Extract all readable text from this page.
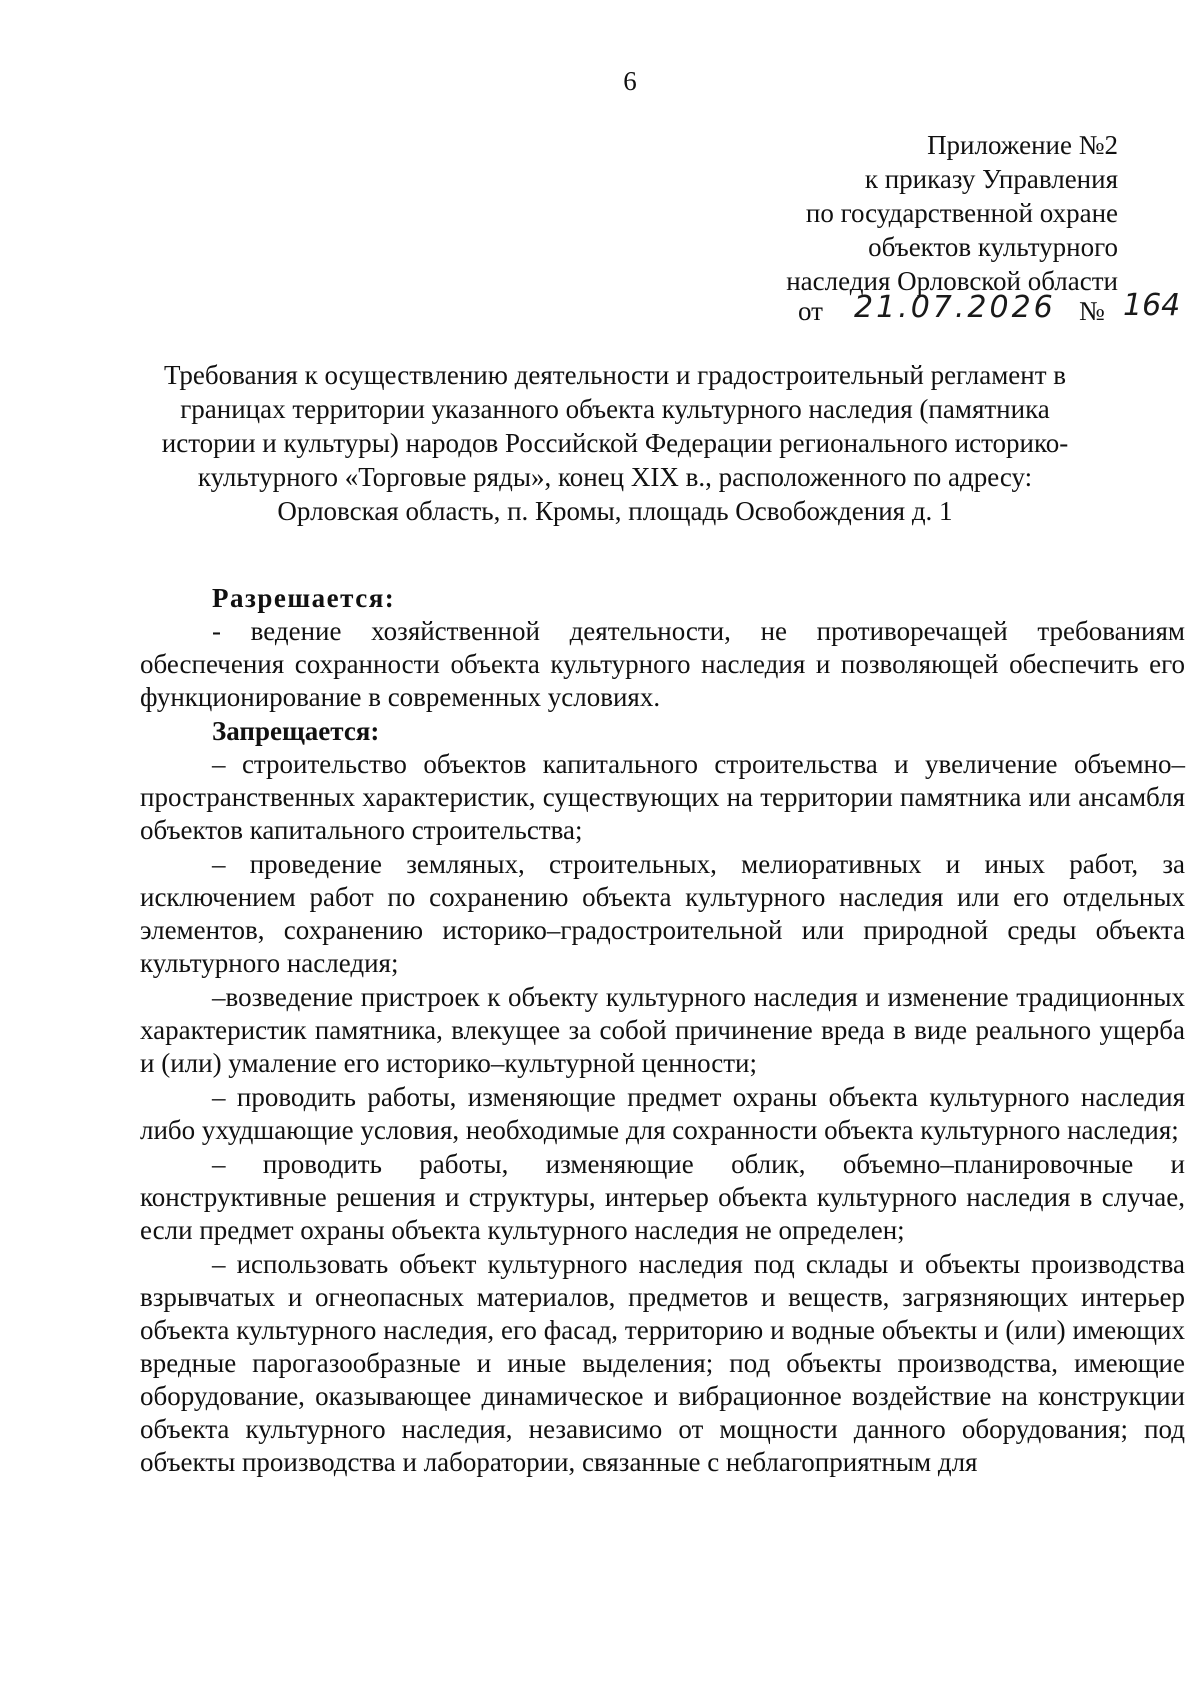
6
Приложение №2
к приказу Управления
по государственной охране
объектов культурного
наследия Орловской области
от 21.07.2026 № 164
Требования к осуществлению деятельности и градостроительный регламент в
границах территории указанного объекта культурного наследия (памятника
истории и культуры) народов Российской Федерации регионального историко-
культурного «Торговые ряды», конец XIX в., расположенного по адресу:
Орловская область, п. Кромы, площадь Освобождения д. 1

Разрешается:

- ведение хозяйственной деятельности, не противоречащей требованиям обеспечения сохранности объекта культурного наследия и позволяющей обеспечить его функционирование в современных условиях.

Запрещается:

– строительство объектов капитального строительства и увеличение объемно–пространственных характеристик, существующих на территории памятника или ансамбля объектов капитального строительства;

– проведение земляных, строительных, мелиоративных и иных работ, за исключением работ по сохранению объекта культурного наследия или его отдельных элементов, сохранению историко–градостроительной или природной среды объекта культурного наследия;

–возведение пристроек к объекту культурного наследия и изменение традиционных характеристик памятника, влекущее за собой причинение вреда в виде реального ущерба и (или) умаление его историко–культурной ценности;

– проводить работы, изменяющие предмет охраны объекта культурного наследия либо ухудшающие условия, необходимые для сохранности объекта культурного наследия;

– проводить работы, изменяющие облик, объемно–планировочные и конструктивные решения и структуры, интерьер объекта культурного наследия в случае, если предмет охраны объекта культурного наследия не определен;

– использовать объект культурного наследия под склады и объекты производства взрывчатых и огнеопасных материалов, предметов и веществ, загрязняющих интерьер объекта культурного наследия, его фасад, территорию и водные объекты и (или) имеющих вредные парогазообразные и иные выделения; под объекты производства, имеющие оборудование, оказывающее динамическое и вибрационное воздействие на конструкции объекта культурного наследия, независимо от мощности данного оборудования; под объекты производства и лаборатории, связанные с неблагоприятным для
